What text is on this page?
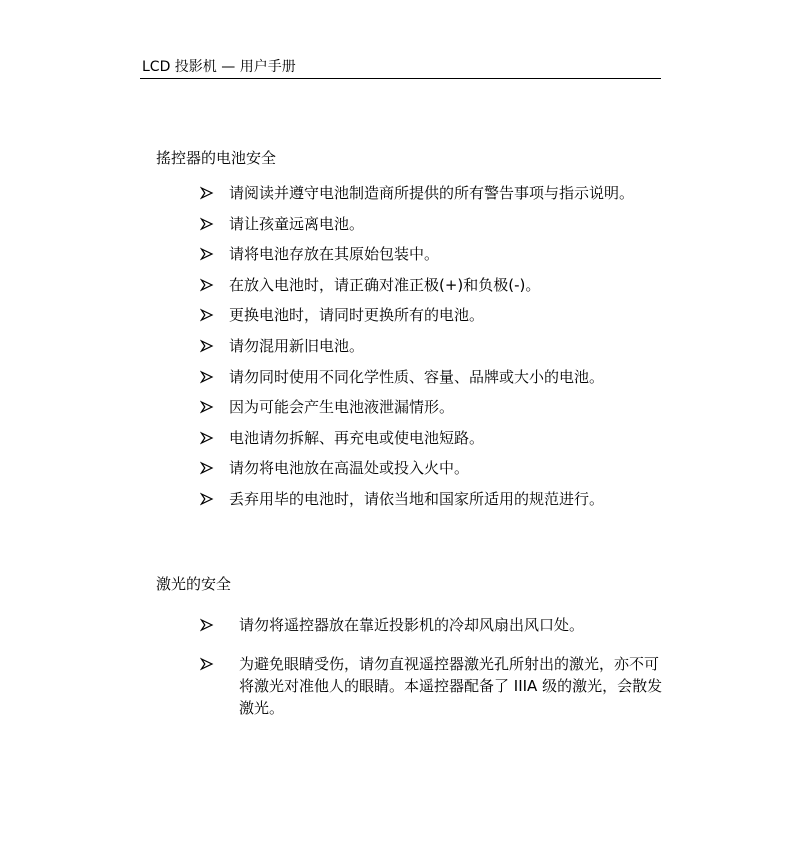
LCD 投影机 — 用户手册
搖控器的电池安全
请阅读并遵守电池制造商所提供的所有警告事项与指示说明。
请让孩童远离电池。
请将电池存放在其原始包装中。
在放入电池时，请正确对准正极(+)和负极(-)。
更换电池时，请同时更换所有的电池。
请勿混用新旧电池。
请勿同时使用不同化学性质、容量、品牌或大小的电池。
因为可能会产生电池液泄漏情形。
电池请勿拆解、再充电或使电池短路。
请勿将电池放在高温处或投入火中。
丢弃用毕的电池时，请依当地和国家所适用的规范进行。
激光的安全
请勿将遥控器放在靠近投影机的冷却风扇出风口处。
为避免眼睛受伤，请勿直视遥控器激光孔所射出的激光，亦不可将激光对准他人的眼睛。本遥控器配备了 IIIA 级的激光，会散发激光。
